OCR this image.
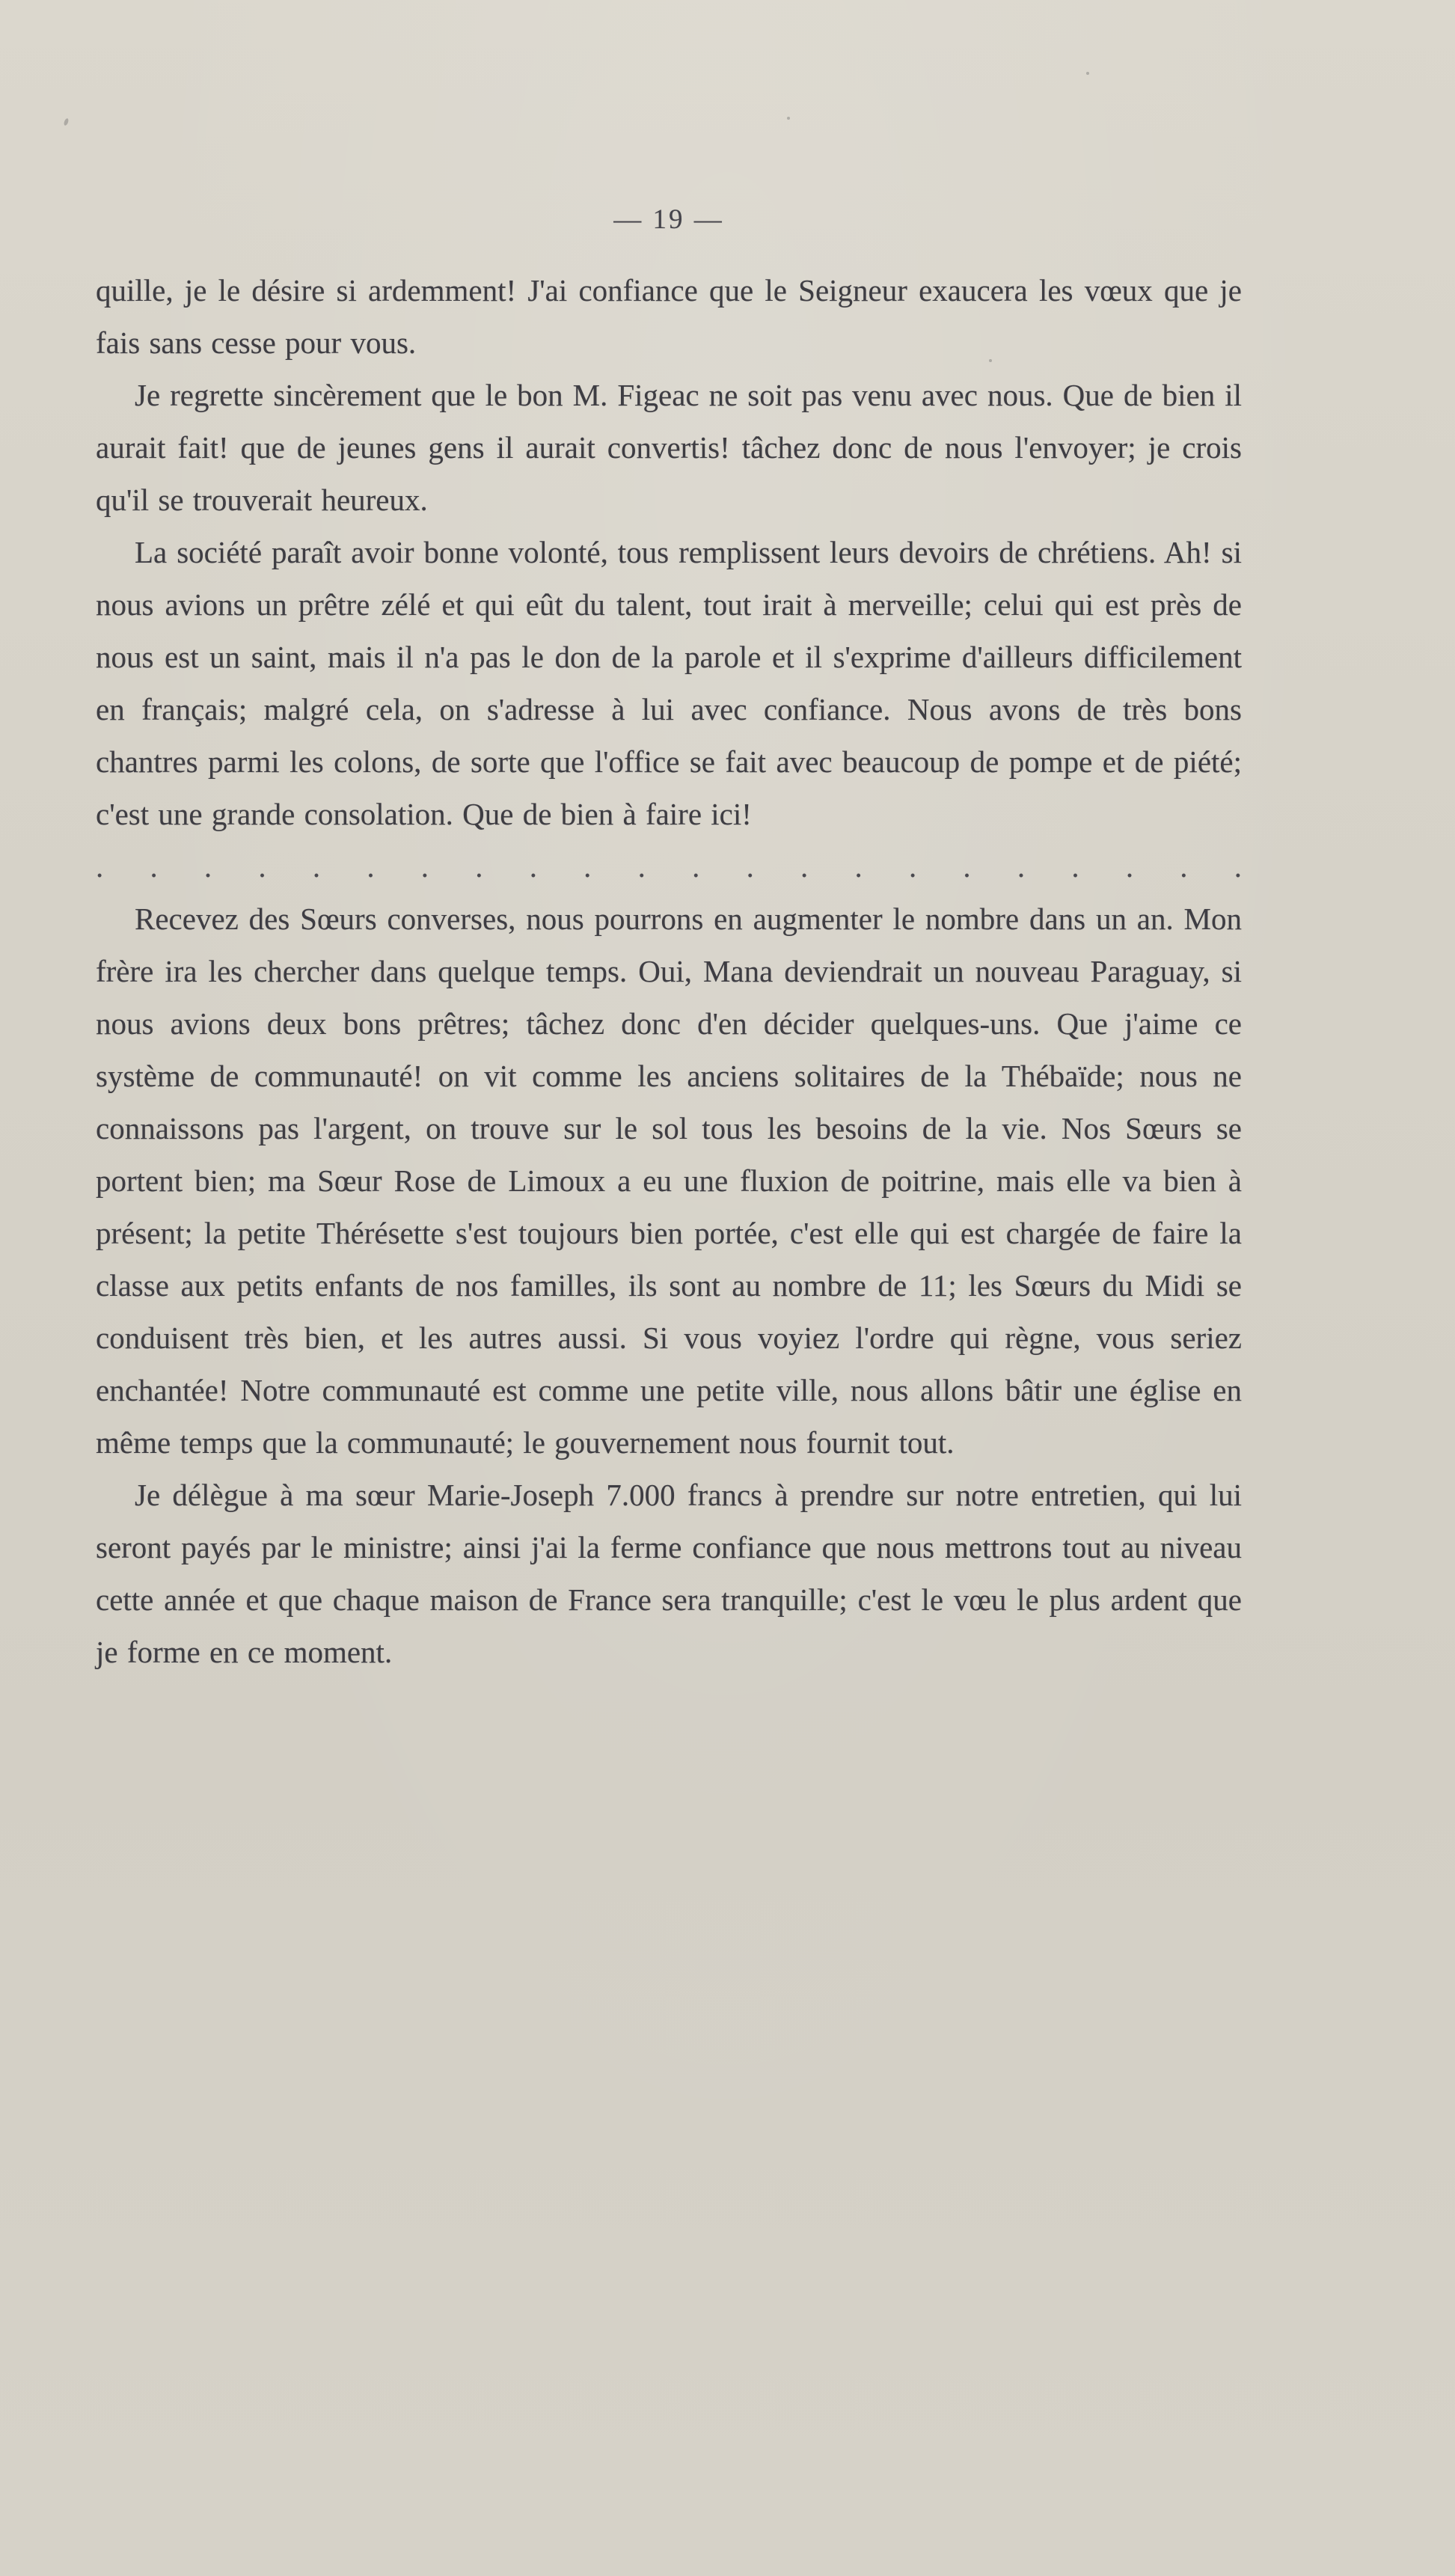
— 19 —

quille, je le désire si ardemment! J'ai confiance que le Seigneur exaucera les vœux que je fais sans cesse pour vous.

Je regrette sincèrement que le bon M. Figeac ne soit pas venu avec nous. Que de bien il aurait fait! que de jeunes gens il aurait convertis! tâchez donc de nous l'envoyer; je crois qu'il se trouverait heureux.

La société paraît avoir bonne volonté, tous remplissent leurs devoirs de chrétiens. Ah! si nous avions un prêtre zélé et qui eût du talent, tout irait à merveille; celui qui est près de nous est un saint, mais il n'a pas le don de la parole et il s'exprime d'ailleurs difficilement en français; malgré cela, on s'adresse à lui avec confiance. Nous avons de très bons chantres parmi les colons, de sorte que l'office se fait avec beaucoup de pompe et de piété; c'est une grande consolation. Que de bien à faire ici!

. . . . . . . . . . . . . . . . . . . . . .

Recevez des Sœurs converses, nous pourrons en augmenter le nombre dans un an. Mon frère ira les chercher dans quelque temps. Oui, Mana deviendrait un nouveau Paraguay, si nous avions deux bons prêtres; tâchez donc d'en décider quelques-uns. Que j'aime ce système de communauté! on vit comme les anciens solitaires de la Thébaïde; nous ne connaissons pas l'argent, on trouve sur le sol tous les besoins de la vie. Nos Sœurs se portent bien; ma Sœur Rose de Limoux a eu une fluxion de poitrine, mais elle va bien à présent; la petite Thérésette s'est toujours bien portée, c'est elle qui est chargée de faire la classe aux petits enfants de nos familles, ils sont au nombre de 11; les Sœurs du Midi se conduisent très bien, et les autres aussi. Si vous voyiez l'ordre qui règne, vous seriez enchantée! Notre communauté est comme une petite ville, nous allons bâtir une église en même temps que la communauté; le gouvernement nous fournit tout.

Je délègue à ma sœur Marie-Joseph 7.000 francs à prendre sur notre entretien, qui lui seront payés par le ministre; ainsi j'ai la ferme confiance que nous mettrons tout au niveau cette année et que chaque maison de France sera tranquille; c'est le vœu le plus ardent que je forme en ce moment.
